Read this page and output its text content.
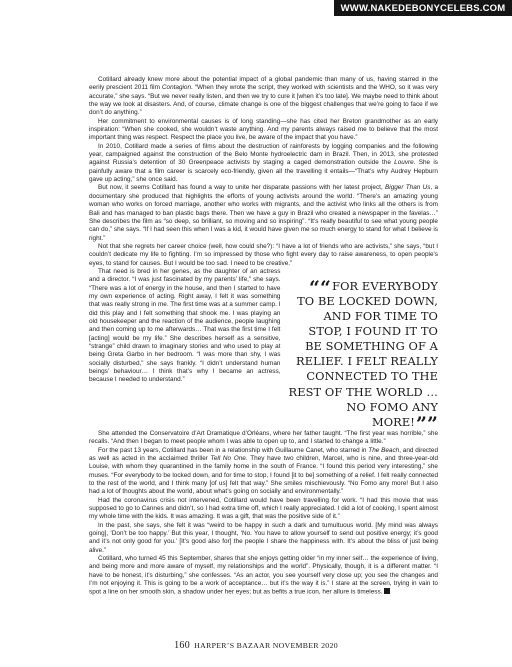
WWW.NAKEDEBONYCELEBS.COM

Cotillard already knew more about the potential impact of a global pandemic than many of us, having starred in the eerily prescient 2011 film Contagion. “When they wrote the script, they worked with scientists and the WHO, so it was very accurate,” she says. “But we never really listen, and then we try to cure it [when it’s too late]. We maybe need to think about the way we look at disasters. And, of course, climate change is one of the biggest challenges that we’re going to face if we don’t do anything.”

Her commitment to environmental causes is of long standing—she has cited her Breton grandmother as an early inspiration: “When she cooked, she wouldn’t waste anything. And my parents always raised me to believe that the most important thing was respect. Respect the place you live, be aware of the impact that you have.”

In 2010, Cotillard made a series of films about the destruction of rainforests by logging companies and the following year, campaigned against the construction of the Belo Monte hydroelectric dam in Brazil. Then, in 2013, she protested against Russia’s detention of 30 Greenpeace activists by staging a caged demonstration outside the Louvre. She is painfully aware that a film career is scarcely eco-friendly, given all the travelling it entails—“That’s why Audrey Hepburn gave up acting,” she once said.

But now, it seems Cotillard has found a way to unite her disparate passions with her latest project, Bigger Than Us, a documentary she produced that highlights the efforts of young activists around the world. “There’s an amazing young woman who works on forced marriage, another who works with migrants, and the activist who links all the others is from Bali and has managed to ban plastic bags there. Then we have a guy in Brazil who created a newspaper in the favelas…” She describes the film as “so deep, so brilliant, so moving and so inspiring”. “It’s really beautiful to see what young people can do,” she says. “If I had seen this when I was a kid, it would have given me so much energy to stand for what I believe is right.”

Not that she regrets her career choice (well, how could she?): “I have a lot of friends who are activists,” she says, “but I couldn’t dedicate my life to fighting. I’m so impressed by those who fight every day to raise awareness, to open people’s eyes, to stand for causes. But I would be too sad. I need to be creative.”

That need is bred in her genes, as the daughter of an actress and a director. “I was just fascinated by my parents’ life,” she says. “There was a lot of energy in the house, and then I started to have my own experience of acting. Right away, I felt it was something that was really strong in me. The first time was at a summer camp. I did this play and I felt something that shook me. I was playing an old housekeeper and the reaction of the audience, people laughing and then coming up to me afterwards… That was the first time I felt [acting] would be my life.” She describes herself as a sensitive, “strange” child drawn to imaginary stories and who used to play at being Greta Garbo in her bedroom. “I was more than shy, I was socially disturbed,” she says frankly. “I didn’t understand human beings’ behaviour… I think that’s why I became an actress, because I needed to understand.”

““FOR EVERYBODY TO BE LOCKED DOWN, AND FOR TIME TO STOP, I FOUND IT TO BE SOMETHING OF A RELIEF. I FELT REALLY CONNECTED TO THE REST OF THE WORLD … NO FOMO ANY MORE!””

She attended the Conservatoire d’Art Dramatique d’Orléans, where her father taught. “The first year was horrible,” she recalls. “And then I began to meet people whom I was able to open up to, and I started to change a little.”

For the past 13 years, Cotillard has been in a relationship with Guillaume Canet, who starred in The Beach, and directed as well as acted in the acclaimed thriller Tell No One. They have two children, Marcel, who is nine, and three-year-old Louise, with whom they quarantined in the family home in the south of France. “I found this period very interesting,” she muses. “For everybody to be locked down, and for time to stop, I found [it to be] something of a relief. I felt really connected to the rest of the world, and I think many [of us] felt that way.” She smiles mischievously. “No Fomo any more! But I also had a lot of thoughts about the world, about what’s going on socially and environmentally.”

Had the coronavirus crisis not intervened, Cotillard would have been travelling for work. “I had this movie that was supposed to go to Cannes and didn’t, so I had extra time off, which I really appreciated. I did a lot of cooking, I spent almost my whole time with the kids. It was amazing. It was a gift, that was the positive side of it.”

In the past, she says, she felt it was “weird to be happy in such a dark and tumultuous world. [My mind was always going], ‘Don’t be too happy.’ But this year, I thought, ‘No. You have to allow yourself to send out positive energy; it’s good and it’s not only good for you.’ [It’s good also for] the people I share the happiness with. It’s about the bliss of just being alive.”

Cotillard, who turned 45 this September, shares that she enjoys getting older “in my inner self… the experience of living, and being more and more aware of myself, my relationships and the world”. Physically, though, it is a different matter. “I have to be honest, it’s disturbing,” she confesses. “As an actor, you see yourself very close up; you see the changes and I’m not enjoying it. This is going to be a work of acceptance… but it’s the way it is.” I stare at the screen, trying in vain to spot a line on her smooth skin, a shadow under her eyes; but as befits a true icon, her allure is timeless.

160 HARPER’S BAZAAR NOVEMBER 2020
